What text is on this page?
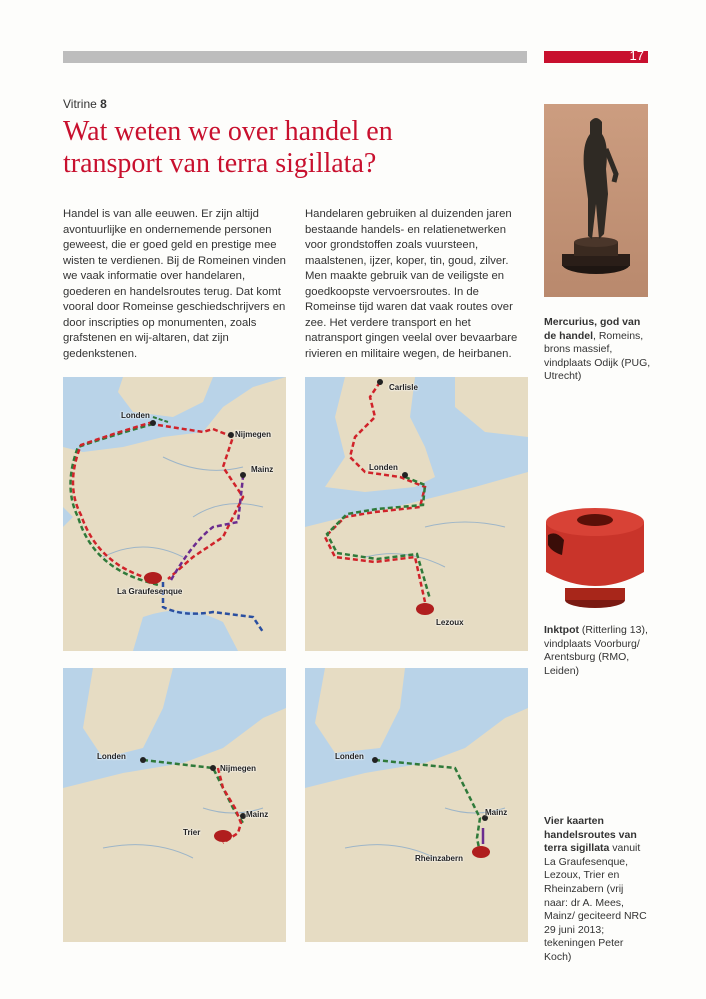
17
Vitrine 8
Wat weten we over handel en transport van terra sigillata?

Handel is van alle eeuwen. Er zijn altijd avontuurlijke en ondernemende personen geweest, die er goed geld en prestige mee wisten te verdienen. Bij de Romeinen vinden we vaak informatie over handelaren, goederen en handelsroutes terug. Dat komt vooral door Romeinse geschiedschrijvers en door inscripties op monumenten, zoals grafstenen en wij-altaren, dat zijn gedenkstenen.

Handelaren gebruiken al duizenden jaren bestaande handels- en relatienetwerken voor grondstoffen zoals vuursteen, maalstenen, ijzer, koper, tin, goud, zilver. Men maakte gebruik van de veiligste en goedkoopste vervoersroutes. In de Romeinse tijd waren dat vaak routes over zee. Het verdere transport en het natransport gingen veelal over bevaarbare rivieren en militaire wegen, de heirbanen.

Londen
Nijmegen
Mainz
La Graufesenque
Carlisle
Londen
Lezoux
Londen
Nijmegen
Mainz
Trier
Londen
Mainz
Rheinzabern

Mercurius, god van de handel, Romeins, brons massief, vindplaats Odijk (PUG, Utrecht)

Inktpot (Ritterling 13), vindplaats Voorburg/ Arentsburg (RMO, Leiden)

Vier kaarten handelsroutes van terra sigillata vanuit La Graufesenque, Lezoux, Trier en Rheinzabern (vrij naar: dr A. Mees, Mainz/ geciteerd NRC 29 juni 2013; tekeningen Peter Koch)
